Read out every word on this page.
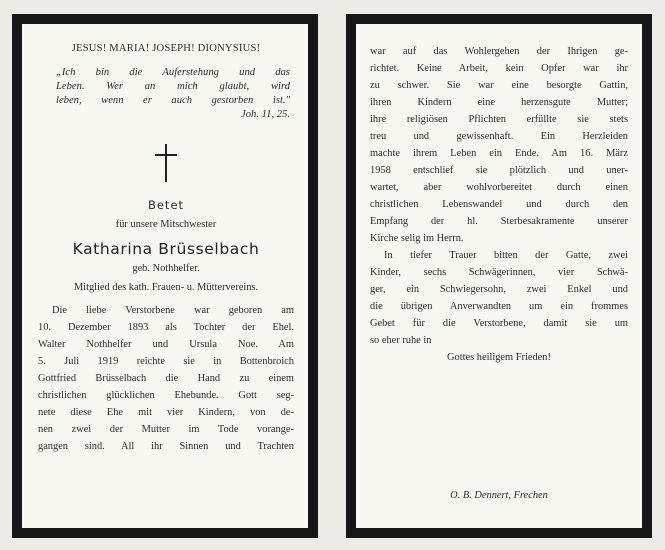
JESUS! MARIA! JOSEPH! DIONYSIUS!

„Ich bin die Auferstehung und das
Leben. Wer an mich glaubt, wird
leben, wenn er auch gestorben ist."

Joh. 11, 25.
Betet
für unsere Mitschwester
Katharina Brüsselbach
geb. Nothhelfer.
Mitglied des kath. Frauen- u. Müttervereins.

Die liebe Verstorbene war geboren am
10. Dezember 1893 als Tochter der Ehel.
Walter Nothhelfer und Ursula Noe. Am
5. Juli 1919 reichte sie in Bottenbroich
Gottfried Brüsselbach die Hand zu einem
christlichen glücklichen Ehebunde. Gott seg-
nete diese Ehe mit vier Kindern, von de-
nen zwei der Mutter im Tode vorange-
gangen sind. All ihr Sinnen und Trachten

war auf das Wohlergehen der Ihrigen ge-
richtet. Keine Arbeit, kein Opfer war ihr
zu schwer. Sie war eine besorgte Gattin,
ihren Kindern eine herzensgute Mutter;
ihre religiösen Pflichten erfüllte sie stets
treu und gewissenhaft. Ein Herzleiden
machte ihrem Leben ein Ende. Am 16. März
1958 entschlief sie plötzlich und uner-
wartet, aber wohlvorbereitet durch einen
christlichen Lebenswandel und durch den
Empfang der hl. Sterbesakramente unserer
Kirche selig im Herrn.

In tiefer Trauer bitten der Gatte, zwei
Kinder, sechs Schwägerinnen, vier Schwä-
ger, ein Schwiegersohn, zwei Enkel und
die übrigen Anverwandten um ein frommes
Gebet für die Verstorbene, damit sie um
so eher ruhe in
Gottes heiligem Frieden!

O. B. Dennert, Frechen
